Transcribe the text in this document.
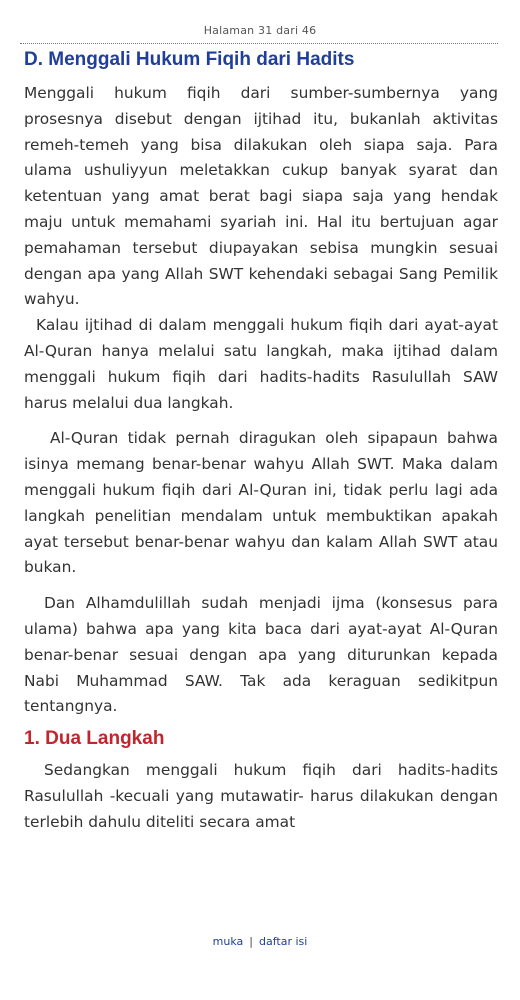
Halaman 31 dari 46
D. Menggali Hukum Fiqih dari Hadits

Menggali hukum fiqih dari sumber-sumbernya yang prosesnya disebut dengan ijtihad itu, bukanlah aktivitas remeh-temeh yang bisa dilakukan oleh siapa saja. Para ulama ushuliyyun meletakkan cukup banyak syarat dan ketentuan yang amat berat bagi siapa saja yang hendak maju untuk memahami syariah ini. Hal itu bertujuan agar pemahaman tersebut diupayakan sebisa mungkin sesuai dengan apa yang Allah SWT kehendaki sebagai Sang Pemilik wahyu.

Kalau ijtihad di dalam menggali hukum fiqih dari ayat-ayat Al-Quran hanya melalui satu langkah, maka ijtihad dalam menggali hukum fiqih dari hadits-hadits Rasulullah SAW harus melalui dua langkah.

Al-Quran tidak pernah diragukan oleh sipapaun bahwa isinya memang benar-benar wahyu Allah SWT. Maka dalam menggali hukum fiqih dari Al-Quran ini, tidak perlu lagi ada langkah penelitian mendalam untuk membuktikan apakah ayat tersebut benar-benar wahyu dan kalam Allah SWT atau bukan.

Dan Alhamdulillah sudah menjadi ijma (konsesus para ulama) bahwa apa yang kita baca dari ayat-ayat Al-Quran benar-benar sesuai dengan apa yang diturunkan kepada Nabi Muhammad SAW. Tak ada keraguan sedikitpun tentangnya.

1. Dua Langkah

Sedangkan menggali hukum fiqih dari hadits-hadits Rasulullah -kecuali yang mutawatir- harus dilakukan dengan terlebih dahulu diteliti secara amat

muka | daftar isi
